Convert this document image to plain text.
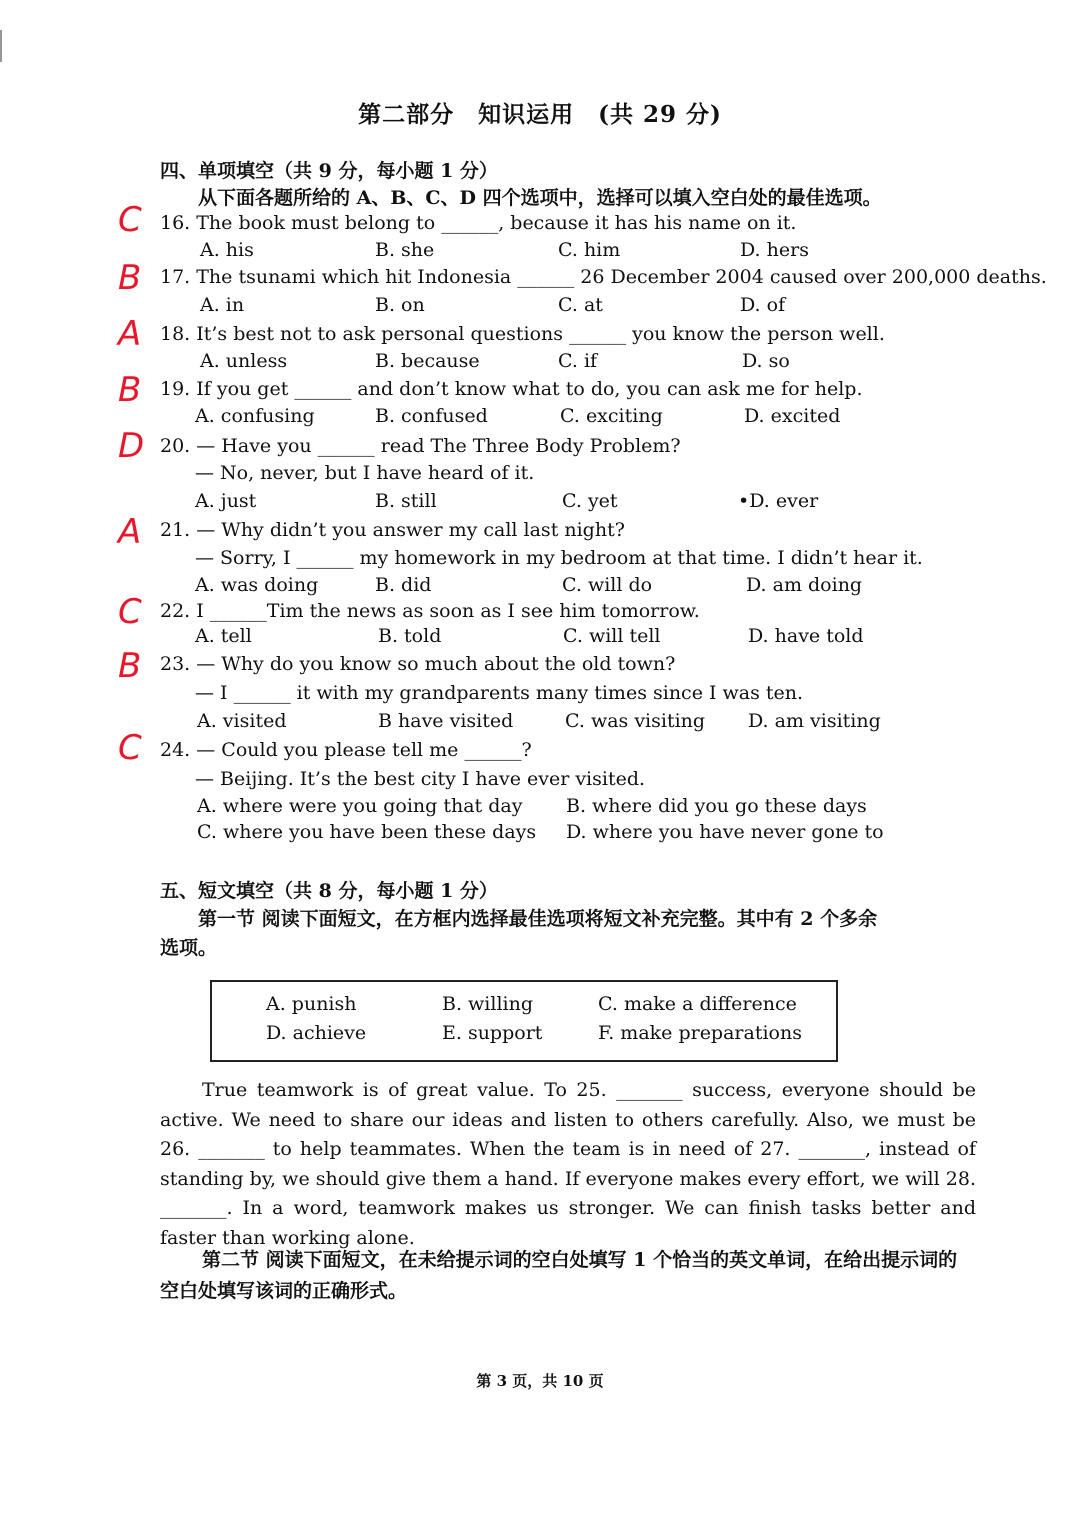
第二部分　知识运用　(共 29 分)
四、单项填空（共 9 分，每小题 1 分）
从下面各题所给的 A、B、C、D 四个选项中，选择可以填入空白处的最佳选项。
C 16. The book must belong to ______, because it has his name on it.
A. his	B. she	C. him	D. hers
B 17. The tsunami which hit Indonesia ______ 26 December 2004 caused over 200,000 deaths.
A. in	B. on	C. at	D. of
A 18. It’s best not to ask personal questions ______ you know the person well.
A. unless	B. because	C. if	D. so
B 19. If you get ______ and don’t know what to do, you can ask me for help.
A. confusing	B. confused	C. exciting	D. excited
D 20. — Have you ______ read The Three Body Problem?
— No, never, but I have heard of it.
A. just	B. still	C. yet	•D. ever
A 21. — Why didn’t you answer my call last night?
— Sorry, I ______ my homework in my bedroom at that time. I didn’t hear it.
A. was doing	B. did	C. will do	D. am doing
C 22. I ______Tim the news as soon as I see him tomorrow.
A. tell	B. told	C. will tell	D. have told
B 23. — Why do you know so much about the old town?
— I ______ it with my grandparents many times since I was ten.
A. visited	B have visited	C. was visiting D. am visiting
C 24. — Could you please tell me ______?
— Beijing. It’s the best city I have ever visited.
A. where were you going that day B. where did you go these days
C. where you have been these days D. where you have never gone to
五、短文填空（共 8 分，每小题 1 分）
第一节 阅读下面短文，在方框内选择最佳选项将短文补充完整。其中有 2 个多余
选项。
A. punish	B. willing	C. make a difference
D. achieve	E. support	F. make preparations
True teamwork is of great value. To 25. _______ success, everyone should be active. We need to share our ideas and listen to others carefully. Also, we must be 26. _______ to help teammates. When the team is in need of 27. _______, instead of standing by, we should give them a hand. If everyone makes every effort, we will 28. _______. In a word, teamwork makes us stronger. We can finish tasks better and faster than working alone.
第二节 阅读下面短文，在未给提示词的空白处填写 1 个恰当的英文单词，在给出提示词的空白处填写该词的正确形式。
第 3 页，共 10 页
